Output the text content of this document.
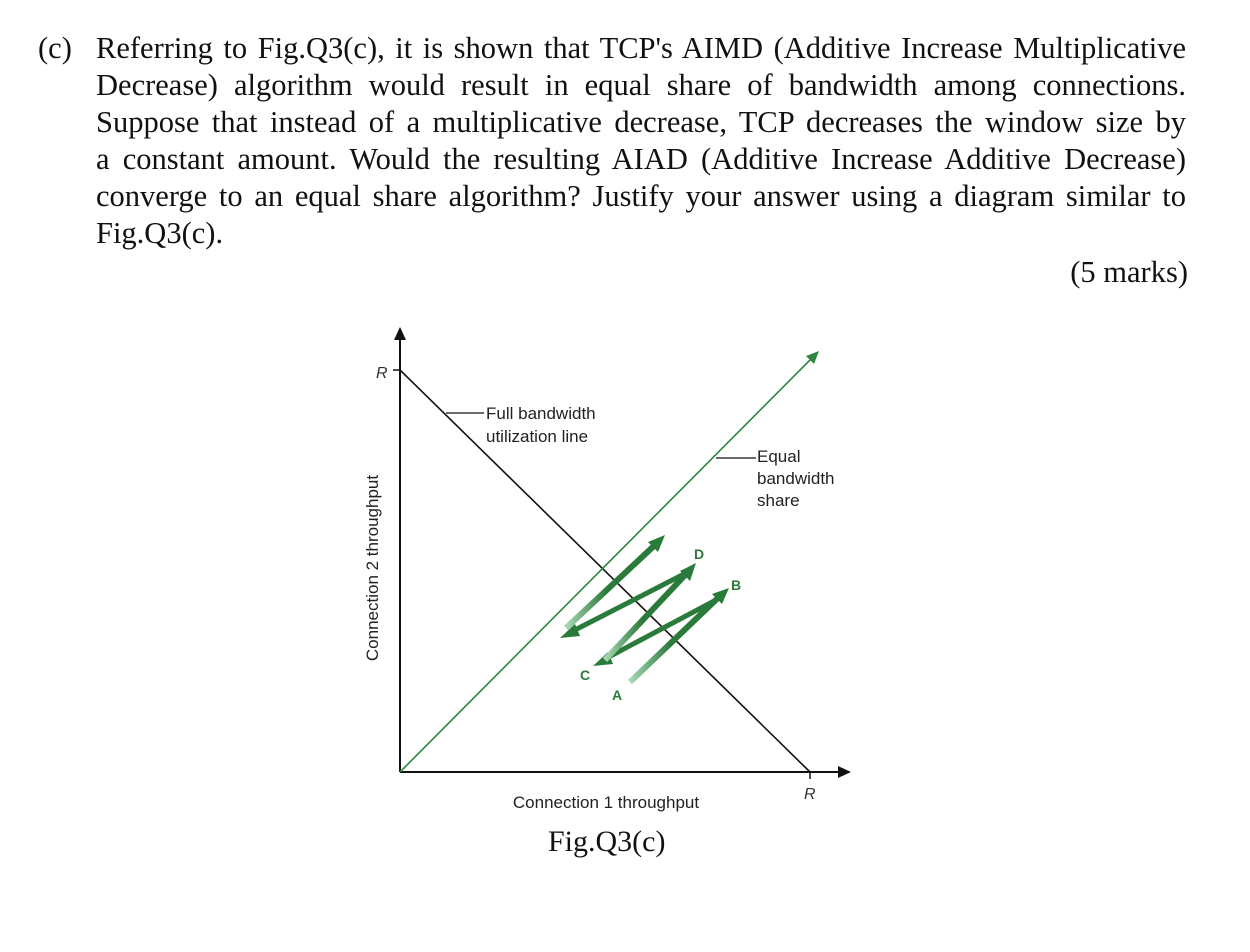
(c) Referring to Fig.Q3(c), it is shown that TCP's AIMD (Additive Increase Multiplicative
Decrease) algorithm would result in equal share of bandwidth among connections.
Suppose that instead of a multiplicative decrease, TCP decreases the window size by
a constant amount. Would the resulting AIAD (Additive Increase Additive Decrease)
converge to an equal share algorithm? Justify your answer using a diagram similar to
Fig.Q3(c).
(5 marks)
R
R
Full bandwidth utilization line
Equal bandwidth share
A
B
C
D
Connection 1 throughput
Connection 2 throughput
Fig.Q3(c)
